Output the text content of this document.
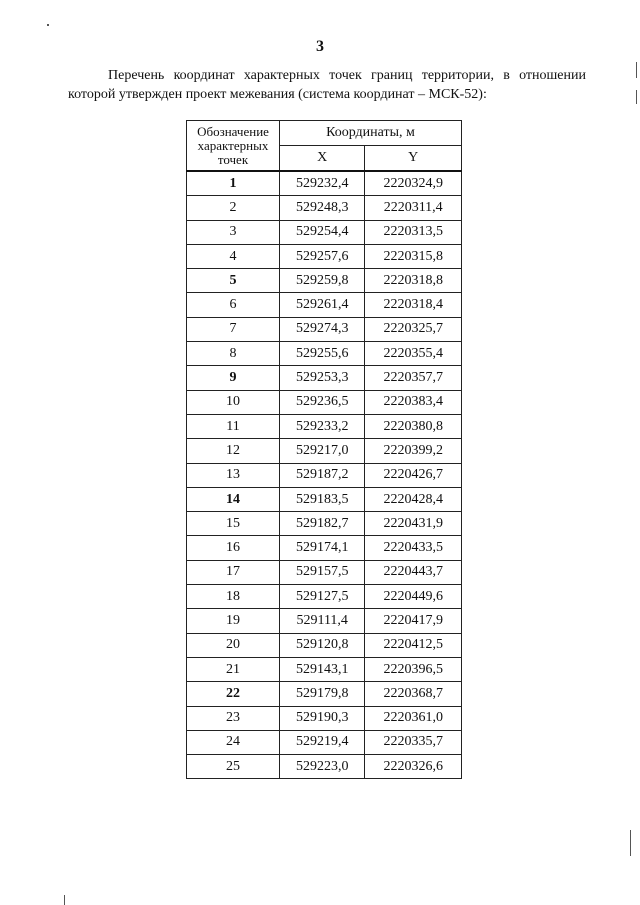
3

Перечень координат характерных точек границ территории, в отношении которой утвержден проект межевания (система координат – МСК-52):

Обозначение характерных точек	Координаты, м	
	X	Y
1	529232,4	2220324,9
2	529248,3	2220311,4
3	529254,4	2220313,5
4	529257,6	2220315,8
5	529259,8	2220318,8
6	529261,4	2220318,4
7	529274,3	2220325,7
8	529255,6	2220355,4
9	529253,3	2220357,7
10	529236,5	2220383,4
11	529233,2	2220380,8
12	529217,0	2220399,2
13	529187,2	2220426,7
14	529183,5	2220428,4
15	529182,7	2220431,9
16	529174,1	2220433,5
17	529157,5	2220443,7
18	529127,5	2220449,6
19	529111,4	2220417,9
20	529120,8	2220412,5
21	529143,1	2220396,5
22	529179,8	2220368,7
23	529190,3	2220361,0
24	529219,4	2220335,7
25	529223,0	2220326,6
